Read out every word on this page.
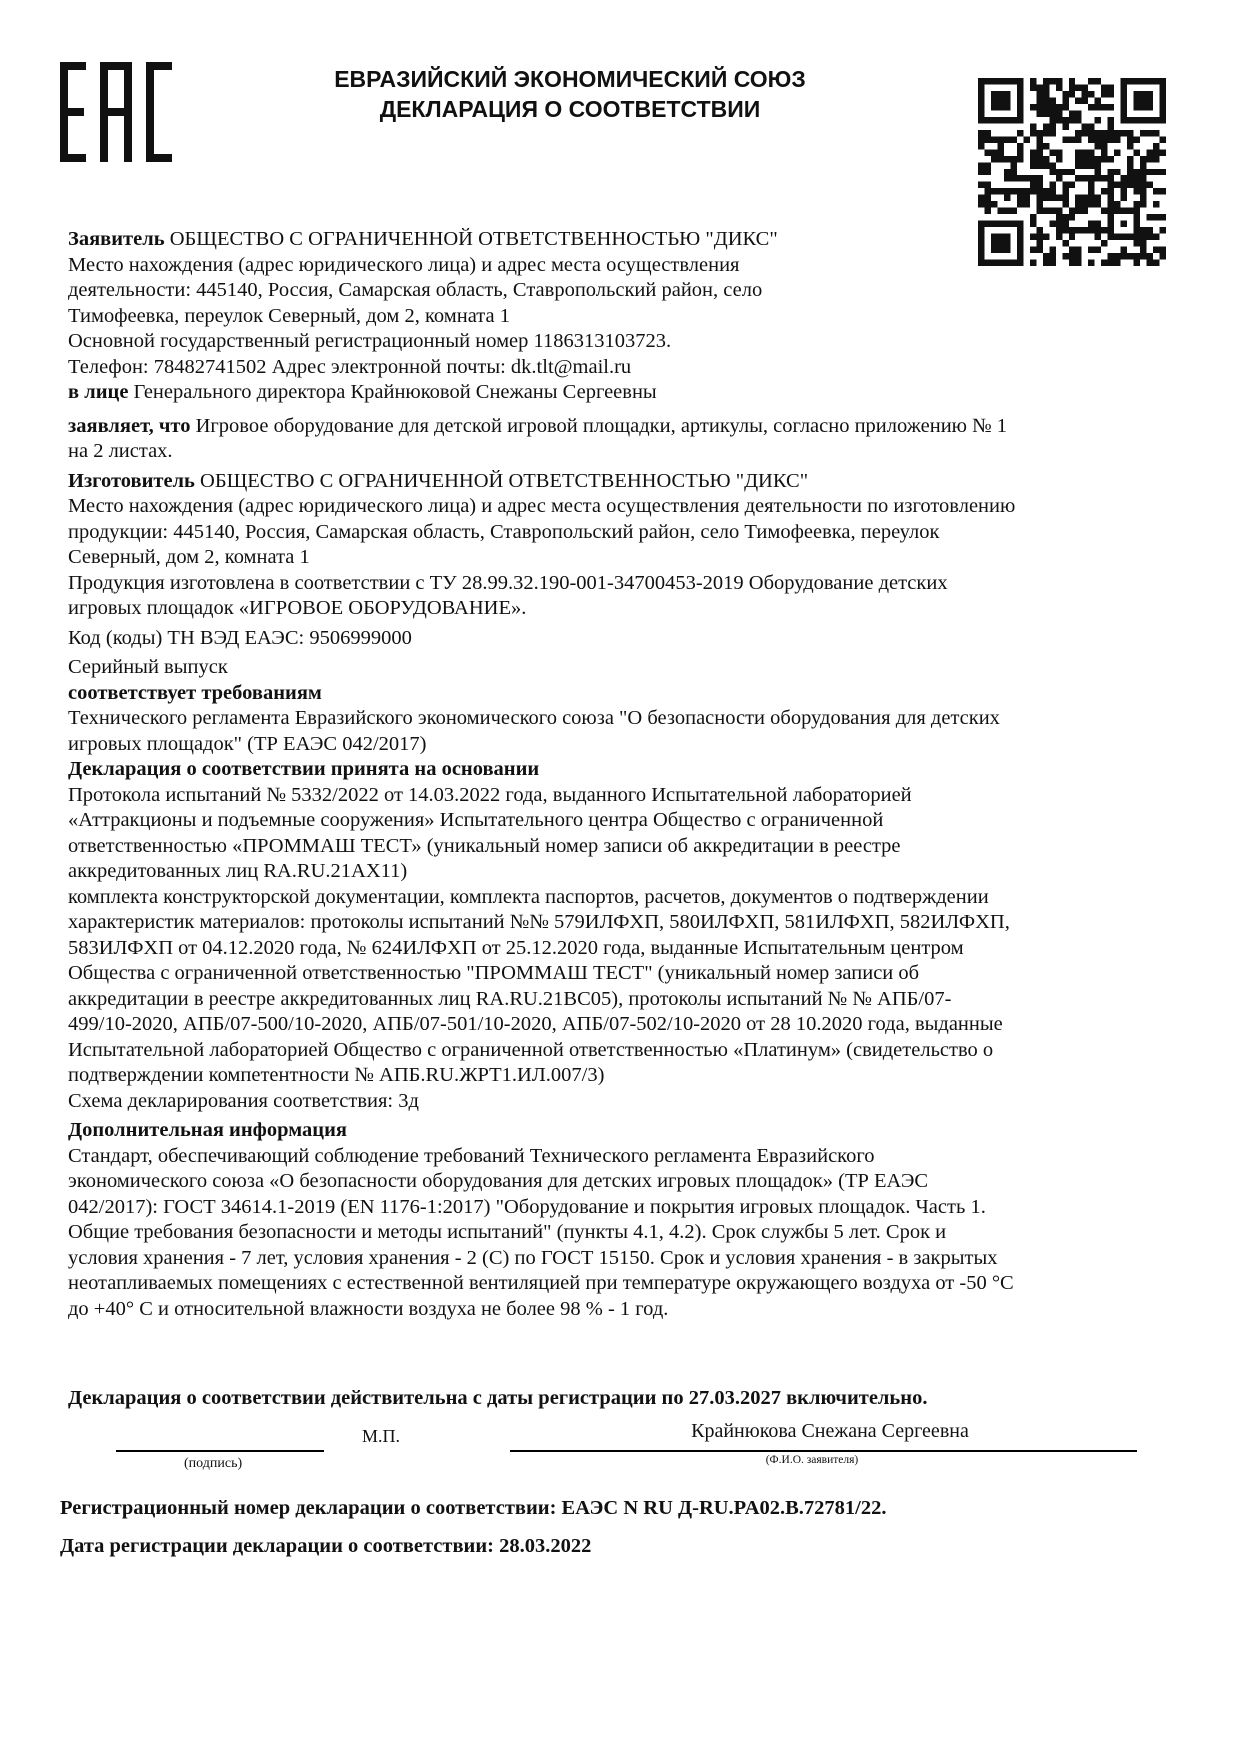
ЕВРАЗИЙСКИЙ ЭКОНОМИЧЕСКИЙ СОЮЗ
ДЕКЛАРАЦИЯ О СООТВЕТСТВИИ

Заявитель ОБЩЕСТВО С ОГРАНИЧЕННОЙ ОТВЕТСТВЕННОСТЬЮ "ДИКС"

Место нахождения (адрес юридического лица) и адрес места осуществления

деятельности: 445140, Россия, Самарская область, Ставропольский район, село

Тимофеевка, переулок Северный, дом 2, комната 1

Основной государственный регистрационный номер 1186313103723.

Телефон: 78482741502 Адрес электронной почты: dk.tlt@mail.ru

в лице Генерального директора Крайнюковой Снежаны Сергеевны

заявляет, что Игровое оборудование для детской игровой площадки, артикулы, согласно приложению № 1

на 2 листах.

Изготовитель ОБЩЕСТВО С ОГРАНИЧЕННОЙ ОТВЕТСТВЕННОСТЬЮ "ДИКС"

Место нахождения (адрес юридического лица) и адрес места осуществления деятельности по изготовлению

продукции: 445140, Россия, Самарская область, Ставропольский район, село Тимофеевка, переулок

Северный, дом 2, комната 1

Продукция изготовлена в соответствии с ТУ 28.99.32.190-001-34700453-2019 Оборудование детских

игровых площадок «ИГРОВОЕ ОБОРУДОВАНИЕ».

Код (коды) ТН ВЭД ЕАЭС: 9506999000

Серийный выпуск

соответствует требованиям

Технического регламента Евразийского экономического союза "О безопасности оборудования для детских

игровых площадок" (ТР ЕАЭС 042/2017)

Декларация о соответствии принята на основании

Протокола испытаний № 5332/2022 от 14.03.2022 года, выданного Испытательной лабораторией

«Аттракционы и подъемные сооружения» Испытательного центра Общество с ограниченной

ответственностью «ПРОММАШ ТЕСТ» (уникальный номер записи об аккредитации в реестре

аккредитованных лиц RA.RU.21АХ11)

комплекта конструкторской документации, комплекта паспортов, расчетов, документов о подтверждении

характеристик материалов: протоколы испытаний №№ 579ИЛФХП, 580ИЛФХП, 581ИЛФХП, 582ИЛФХП,

583ИЛФХП от 04.12.2020 года, № 624ИЛФХП от 25.12.2020 года, выданные Испытательным центром

Общества с ограниченной ответственностью "ПРОММАШ ТЕСТ" (уникальный номер записи об

аккредитации в реестре аккредитованных лиц RA.RU.21ВС05), протоколы испытаний № № АПБ/07-

499/10-2020, АПБ/07-500/10-2020, АПБ/07-501/10-2020, АПБ/07-502/10-2020 от 28 10.2020 года, выданные

Испытательной лабораторией Общество с ограниченной ответственностью «Платинум» (свидетельство о

подтверждении компетентности № АПБ.RU.ЖРТ1.ИЛ.007/3)

Схема декларирования соответствия: 3д

Дополнительная информация

Стандарт, обеспечивающий соблюдение требований Технического регламента Евразийского

экономического союза «О безопасности оборудования для детских игровых площадок» (ТР ЕАЭС

042/2017): ГОСТ 34614.1-2019 (EN 1176-1:2017) "Оборудование и покрытия игровых площадок. Часть 1.

Общие требования безопасности и методы испытаний" (пункты 4.1, 4.2). Срок службы 5 лет. Срок и

условия хранения - 7 лет, условия хранения - 2 (С) по ГОСТ 15150. Срок и условия хранения - в закрытых

неотапливаемых помещениях с естественной вентиляцией при температуре окружающего воздуха от -50 °С

до +40° С и относительной влажности воздуха не более 98 % - 1 год.

Декларация о соответствии действительна с даты регистрации по 27.03.2027 включительно.
М.П.	Крайнюкова Снежана Сергеевна
(подпись)	(Ф.И.О. заявителя)
Регистрационный номер декларации о соответствии: ЕАЭС N RU Д-RU.PA02.B.72781/22.
Дата регистрации декларации о соответствии: 28.03.2022
